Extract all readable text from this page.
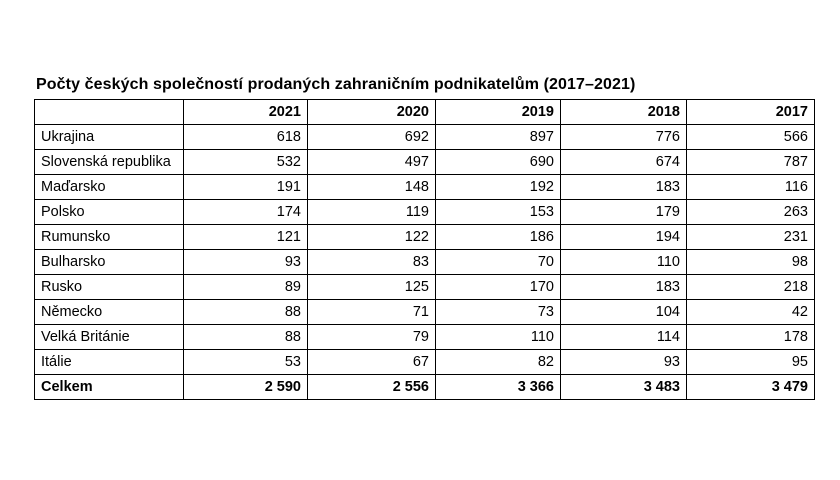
Počty českých společností prodaných zahraničním podnikatelům (2017–2021)
	2021	2020	2019	2018	2017
Ukrajina	618	692	897	776	566
Slovenská republika	532	497	690	674	787
Maďarsko	191	148	192	183	116
Polsko	174	119	153	179	263
Rumunsko	121	122	186	194	231
Bulharsko	93	83	70	110	98
Rusko	89	125	170	183	218
Německo	88	71	73	104	42
Velká Británie	88	79	110	114	178
Itálie	53	67	82	93	95
Celkem	2 590	2 556	3 366	3 483	3 479
